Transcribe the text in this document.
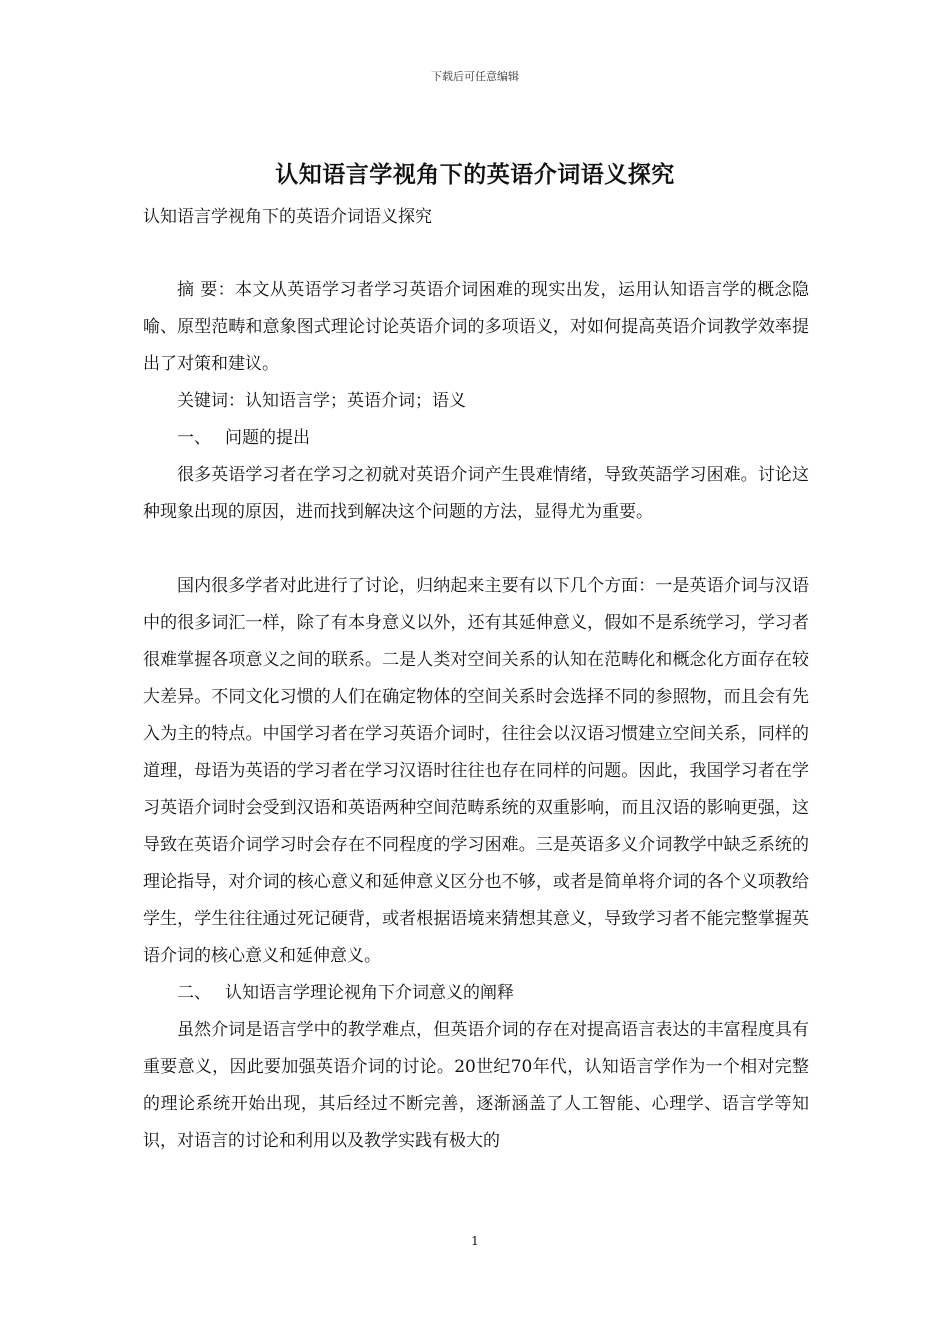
下载后可任意编辑
认知语言学视角下的英语介词语义探究
认知语言学视角下的英语介词语义探究

摘 要：本文从英语学习者学习英语介词困难的现实出发，运用认知语言学的概念隐喻、原型范畴和意象图式理论讨论英语介词的多项语义，对如何提高英语介词教学效率提出了对策和建议。

关键词：认知语言学；英语介词；语义

一、 问题的提出

很多英语学习者在学习之初就对英语介词产生畏难情绪，导致英語学习困难。讨论这种现象出现的原因，进而找到解决这个问题的方法，显得尤为重要。

国内很多学者对此进行了讨论，归纳起来主要有以下几个方面：一是英语介词与汉语中的很多词汇一样，除了有本身意义以外，还有其延伸意义，假如不是系统学习，学习者很难掌握各项意义之间的联系。二是人类对空间关系的认知在范畴化和概念化方面存在较大差异。不同文化习惯的人们在确定物体的空间关系时会选择不同的参照物，而且会有先入为主的特点。中国学习者在学习英语介词时，往往会以汉语习惯建立空间关系，同样的道理，母语为英语的学习者在学习汉语时往往也存在同样的问题。因此，我国学习者在学习英语介词时会受到汉语和英语两种空间范畴系统的双重影响，而且汉语的影响更强，这导致在英语介词学习时会存在不同程度的学习困难。三是英语多义介词教学中缺乏系统的理论指导，对介词的核心意义和延伸意义区分也不够，或者是简单将介词的各个义项教给学生，学生往往通过死记硬背，或者根据语境来猜想其意义，导致学习者不能完整掌握英语介词的核心意义和延伸意义。

二、 认知语言学理论视角下介词意义的阐释

虽然介词是语言学中的教学难点，但英语介词的存在对提高语言表达的丰富程度具有重要意义，因此要加强英语介词的讨论。20世纪70年代，认知语言学作为一个相对完整的理论系统开始出现，其后经过不断完善，逐渐涵盖了人工智能、心理学、语言学等知识，对语言的讨论和利用以及教学实践有极大的

1
